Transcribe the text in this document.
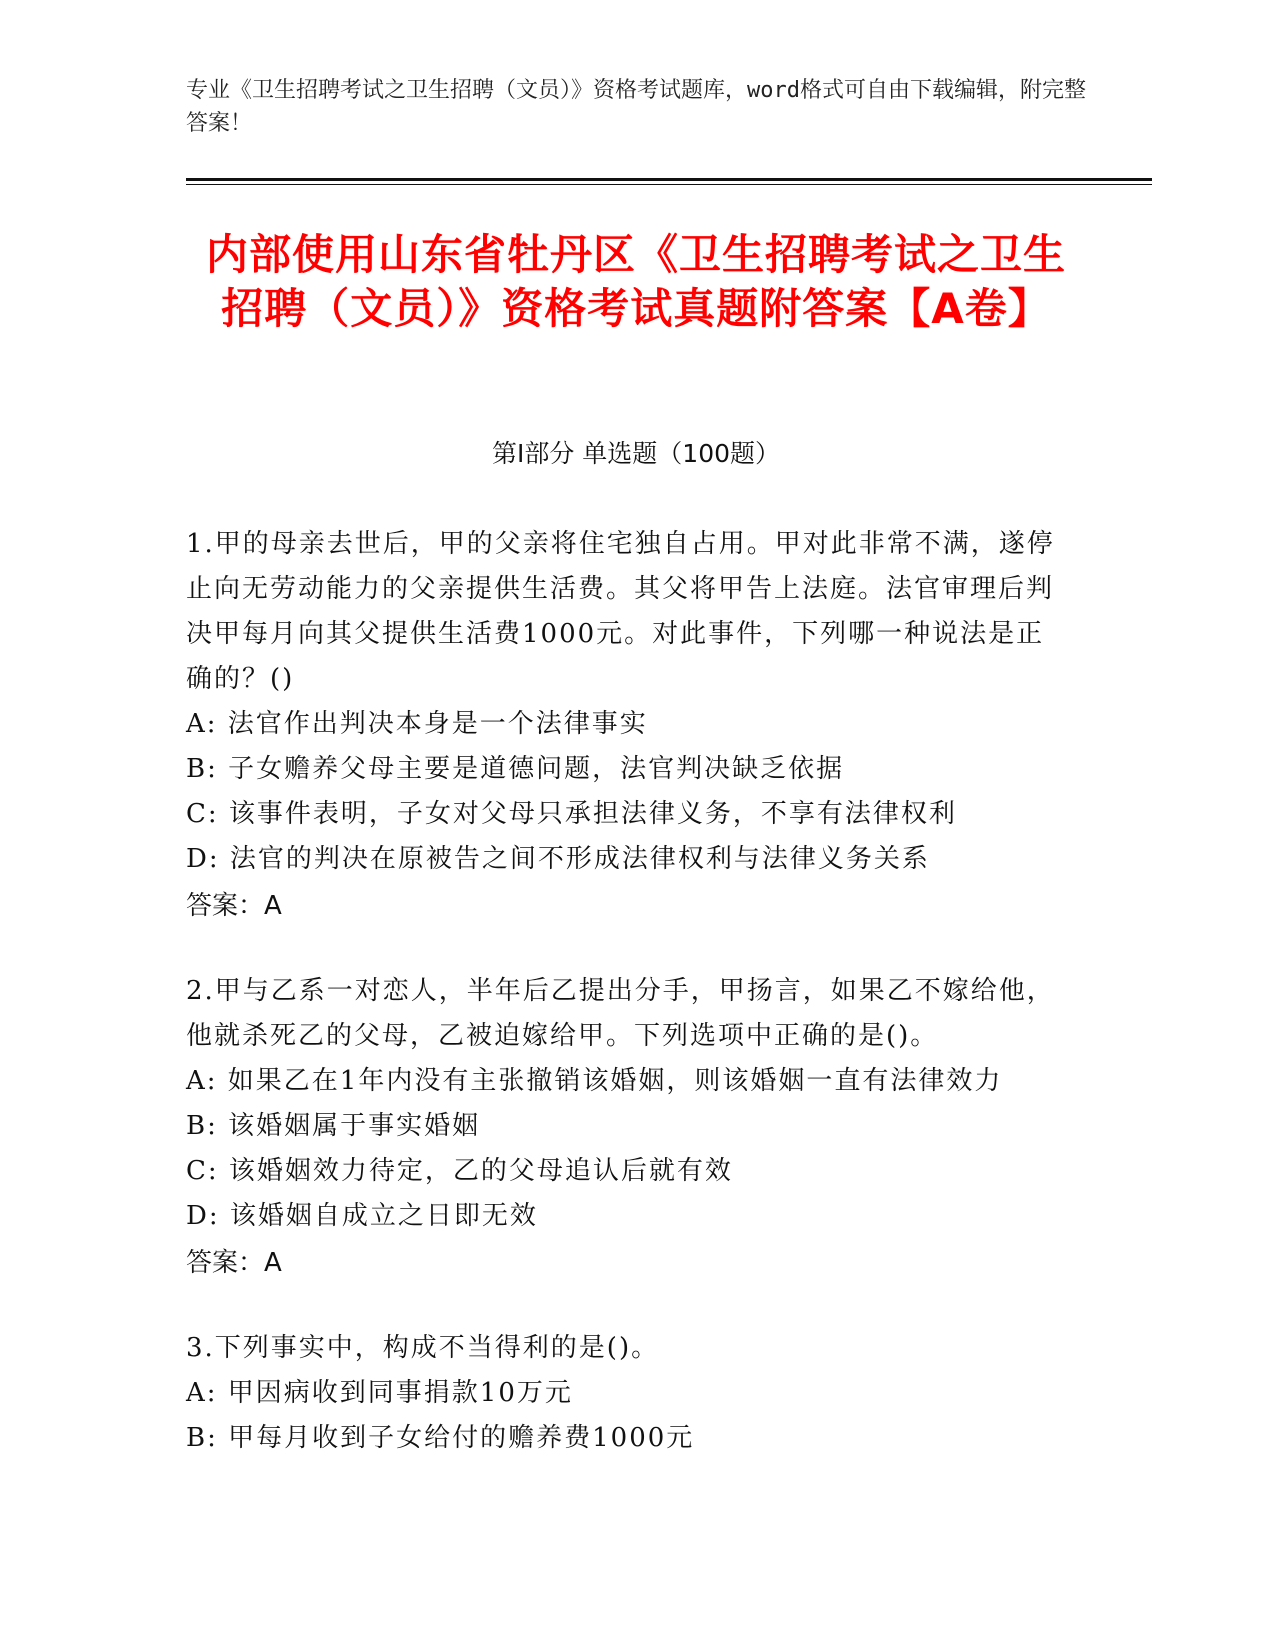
专业《卫生招聘考试之卫生招聘（文员）》资格考试题库，word格式可自由下载编辑，附完整答案！
内部使用山东省牡丹区《卫生招聘考试之卫生招聘（文员）》资格考试真题附答案【A卷】
第Ⅰ部分 单选题（100题）
1.甲的母亲去世后，甲的父亲将住宅独自占用。甲对此非常不满，遂停止向无劳动能力的父亲提供生活费。其父将甲告上法庭。法官审理后判决甲每月向其父提供生活费1000元。对此事件，下列哪一种说法是正确的？()
A: 法官作出判决本身是一个法律事实
B: 子女赡养父母主要是道德问题，法官判决缺乏依据
C: 该事件表明，子女对父母只承担法律义务，不享有法律权利
D: 法官的判决在原被告之间不形成法律权利与法律义务关系
答案：A
2.甲与乙系一对恋人，半年后乙提出分手，甲扬言，如果乙不嫁给他，他就杀死乙的父母，乙被迫嫁给甲。下列选项中正确的是()。
A: 如果乙在1年内没有主张撤销该婚姻，则该婚姻一直有法律效力
B: 该婚姻属于事实婚姻
C: 该婚姻效力待定，乙的父母追认后就有效
D: 该婚姻自成立之日即无效
答案：A
3.下列事实中，构成不当得利的是()。
A: 甲因病收到同事捐款10万元
B: 甲每月收到子女给付的赡养费1000元
